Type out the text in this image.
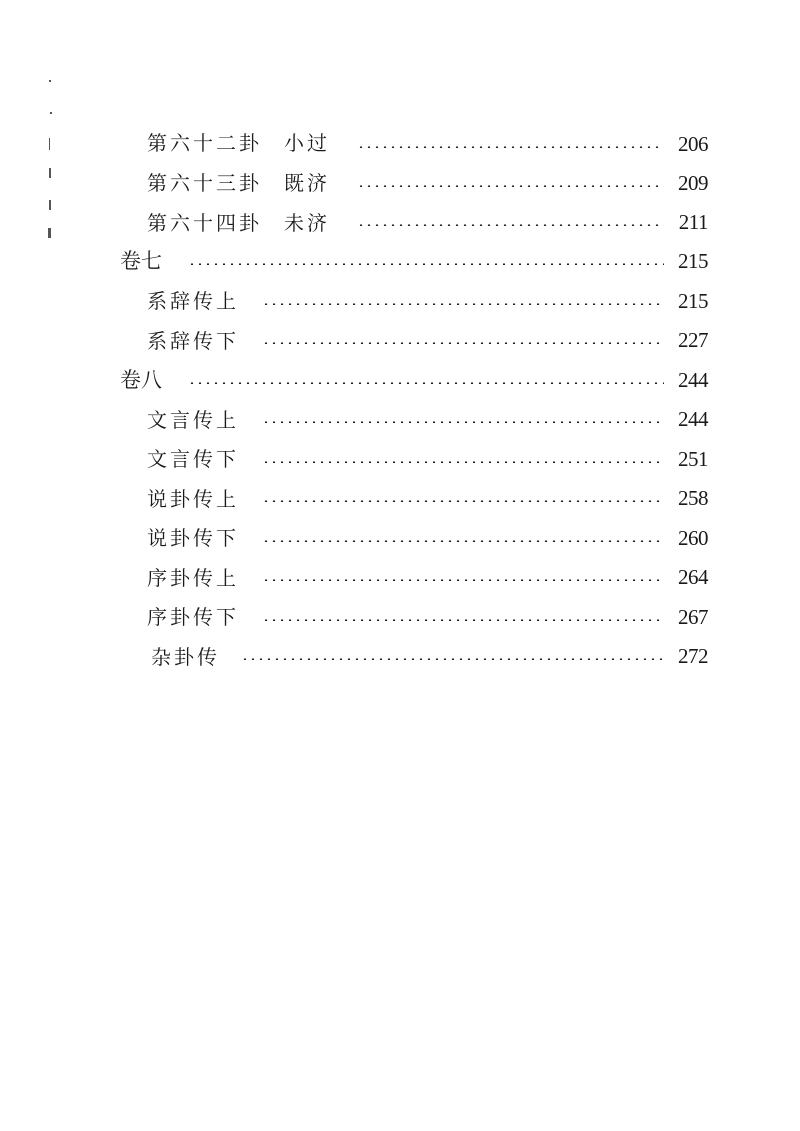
第六十二卦 小过	206
第六十三卦 既济	209
第六十四卦 未济	211
卷七	215
系辞传上	215
系辞传下	227
卷八	244
文言传上	244
文言传下	251
说卦传上	258
说卦传下	260
序卦传上	264
序卦传下	267
杂卦传	272
